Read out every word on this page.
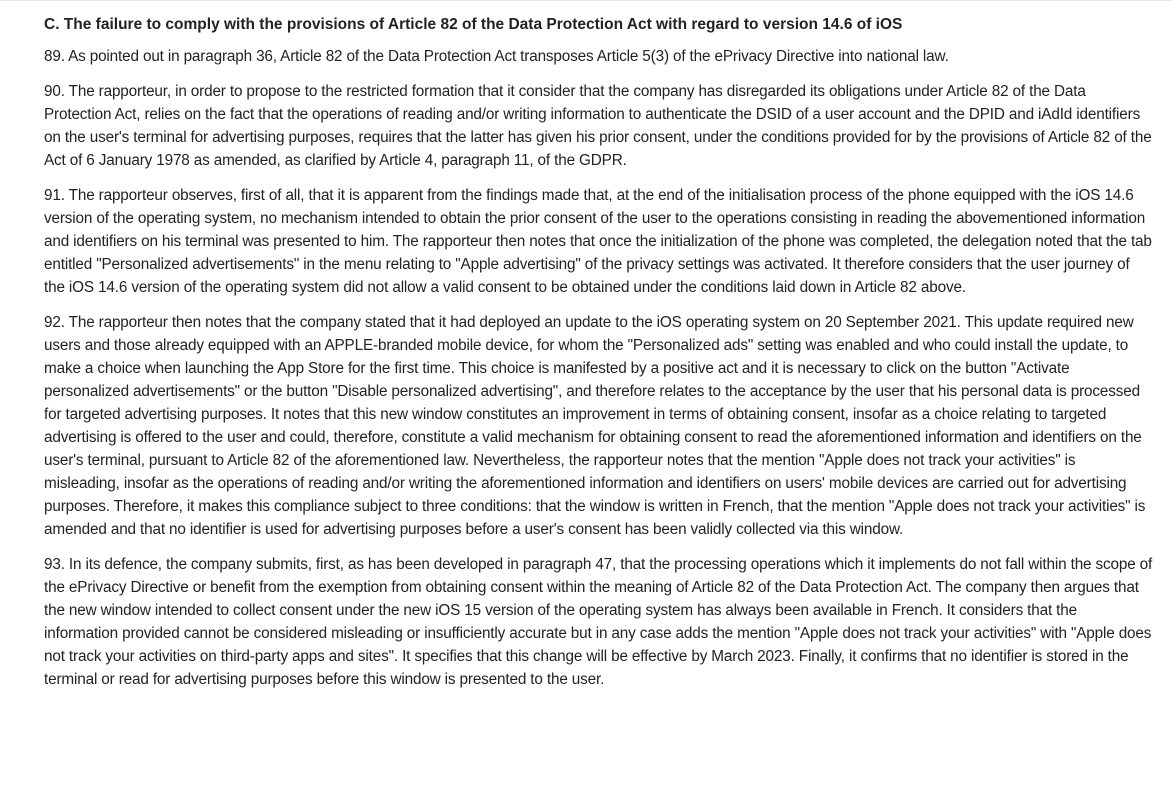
C. The failure to comply with the provisions of Article 82 of the Data Protection Act with regard to version 14.6 of iOS

89. As pointed out in paragraph 36, Article 82 of the Data Protection Act transposes Article 5(3) of the ePrivacy Directive into national law.

90. The rapporteur, in order to propose to the restricted formation that it consider that the company has disregarded its obligations under Article 82 of the Data Protection Act, relies on the fact that the operations of reading and/or writing information to authenticate the DSID of a user account and the DPID and iAdId identifiers on the user's terminal for advertising purposes, requires that the latter has given his prior consent, under the conditions provided for by the provisions of Article 82 of the Act of 6 January 1978 as amended, as clarified by Article 4, paragraph 11, of the GDPR.

91. The rapporteur observes, first of all, that it is apparent from the findings made that, at the end of the initialisation process of the phone equipped with the iOS 14.6 version of the operating system, no mechanism intended to obtain the prior consent of the user to the operations consisting in reading the abovementioned information and identifiers on his terminal was presented to him. The rapporteur then notes that once the initialization of the phone was completed, the delegation noted that the tab entitled "Personalized advertisements" in the menu relating to "Apple advertising" of the privacy settings was activated. It therefore considers that the user journey of the iOS 14.6 version of the operating system did not allow a valid consent to be obtained under the conditions laid down in Article 82 above.

92. The rapporteur then notes that the company stated that it had deployed an update to the iOS operating system on 20 September 2021. This update required new users and those already equipped with an APPLE-branded mobile device, for whom the "Personalized ads" setting was enabled and who could install the update, to make a choice when launching the App Store for the first time. This choice is manifested by a positive act and it is necessary to click on the button "Activate personalized advertisements" or the button "Disable personalized advertising", and therefore relates to the acceptance by the user that his personal data is processed for targeted advertising purposes. It notes that this new window constitutes an improvement in terms of obtaining consent, insofar as a choice relating to targeted advertising is offered to the user and could, therefore, constitute a valid mechanism for obtaining consent to read the aforementioned information and identifiers on the user's terminal, pursuant to Article 82 of the aforementioned law. Nevertheless, the rapporteur notes that the mention "Apple does not track your activities" is misleading, insofar as the operations of reading and/or writing the aforementioned information and identifiers on users' mobile devices are carried out for advertising purposes. Therefore, it makes this compliance subject to three conditions: that the window is written in French, that the mention "Apple does not track your activities" is amended and that no identifier is used for advertising purposes before a user's consent has been validly collected via this window.

93. In its defence, the company submits, first, as has been developed in paragraph 47, that the processing operations which it implements do not fall within the scope of the ePrivacy Directive or benefit from the exemption from obtaining consent within the meaning of Article 82 of the Data Protection Act. The company then argues that the new window intended to collect consent under the new iOS 15 version of the operating system has always been available in French. It considers that the information provided cannot be considered misleading or insufficiently accurate but in any case adds the mention "Apple does not track your activities" with "Apple does not track your activities on third-party apps and sites". It specifies that this change will be effective by March 2023. Finally, it confirms that no identifier is stored in the terminal or read for advertising purposes before this window is presented to the user.
